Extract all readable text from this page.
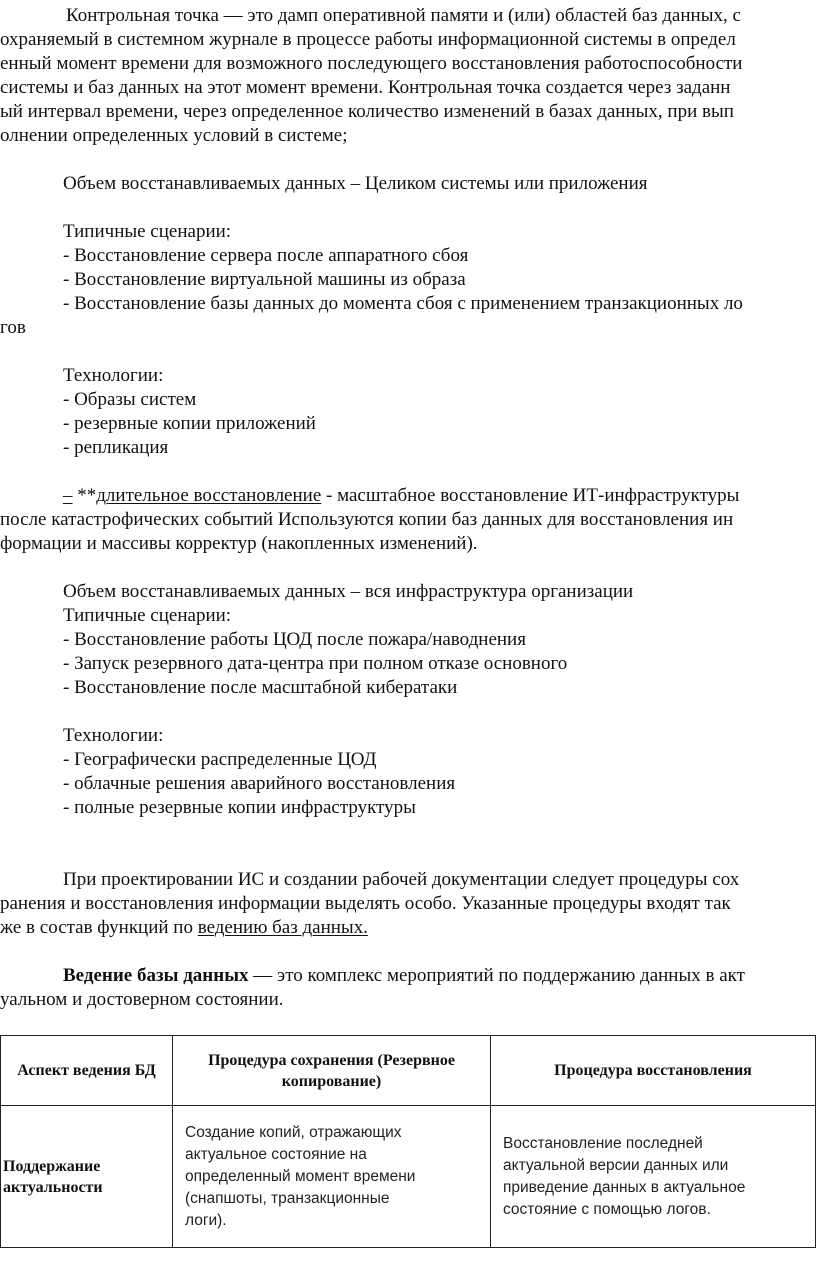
Контрольная точка — это дамп оперативной памяти и (или) областей баз данных, с
охраняемый в системном журнале в процессе работы информационной системы в определ
енный момент времени для возможного последующего восстановления работоспособности
системы и баз данных на этот момент времени. Контрольная точка создается через заданн
ый интервал времени, через определенное количество изменений в базах данных, при вып
олнении определенных условий в системе;
Объем восстанавливаемых данных – Целиком системы или приложения
Типичные сценарии:
- Восстановление сервера после аппаратного сбоя
- Восстановление виртуальной машины из образа
- Восстановление базы данных до момента сбоя с применением транзакционных ло
гов
Технологии:
- Образы систем
- резервные копии приложений
- репликация
– **длительное восстановление - масштабное восстановление ИТ-инфраструктуры
после катастрофических событий Используются копии баз данных для восстановления ин
формации и массивы корректур (накопленных изменений).
Объем восстанавливаемых данных – вся инфраструктура организации
Типичные сценарии:
- Восстановление работы ЦОД после пожара/наводнения
- Запуск резервного дата-центра при полном отказе основного
- Восстановление после масштабной кибератаки
Технологии:
- Географически распределенные ЦОД
- облачные решения аварийного восстановления
- полные резервные копии инфраструктуры
При проектировании ИС и создании рабочей документации следует процедуры сох
ранения и восстановления информации выделять особо. Указанные процедуры входят так
же в состав функций по ведению баз данных.
Ведение базы данных — это комплекс мероприятий по поддержанию данных в акт
уальном и достоверном состоянии.
Аспект ведения БД	Процедура сохранения (Резервное копирование)	Процедура восстановления
Поддержание актуальности	Создание копий, отражающих актуальное состояние на определенный момент времени (снапшоты, транзакционные логи).	Восстановление последней актуальной версии данных или приведение данных в актуальное состояние с помощью логов.
